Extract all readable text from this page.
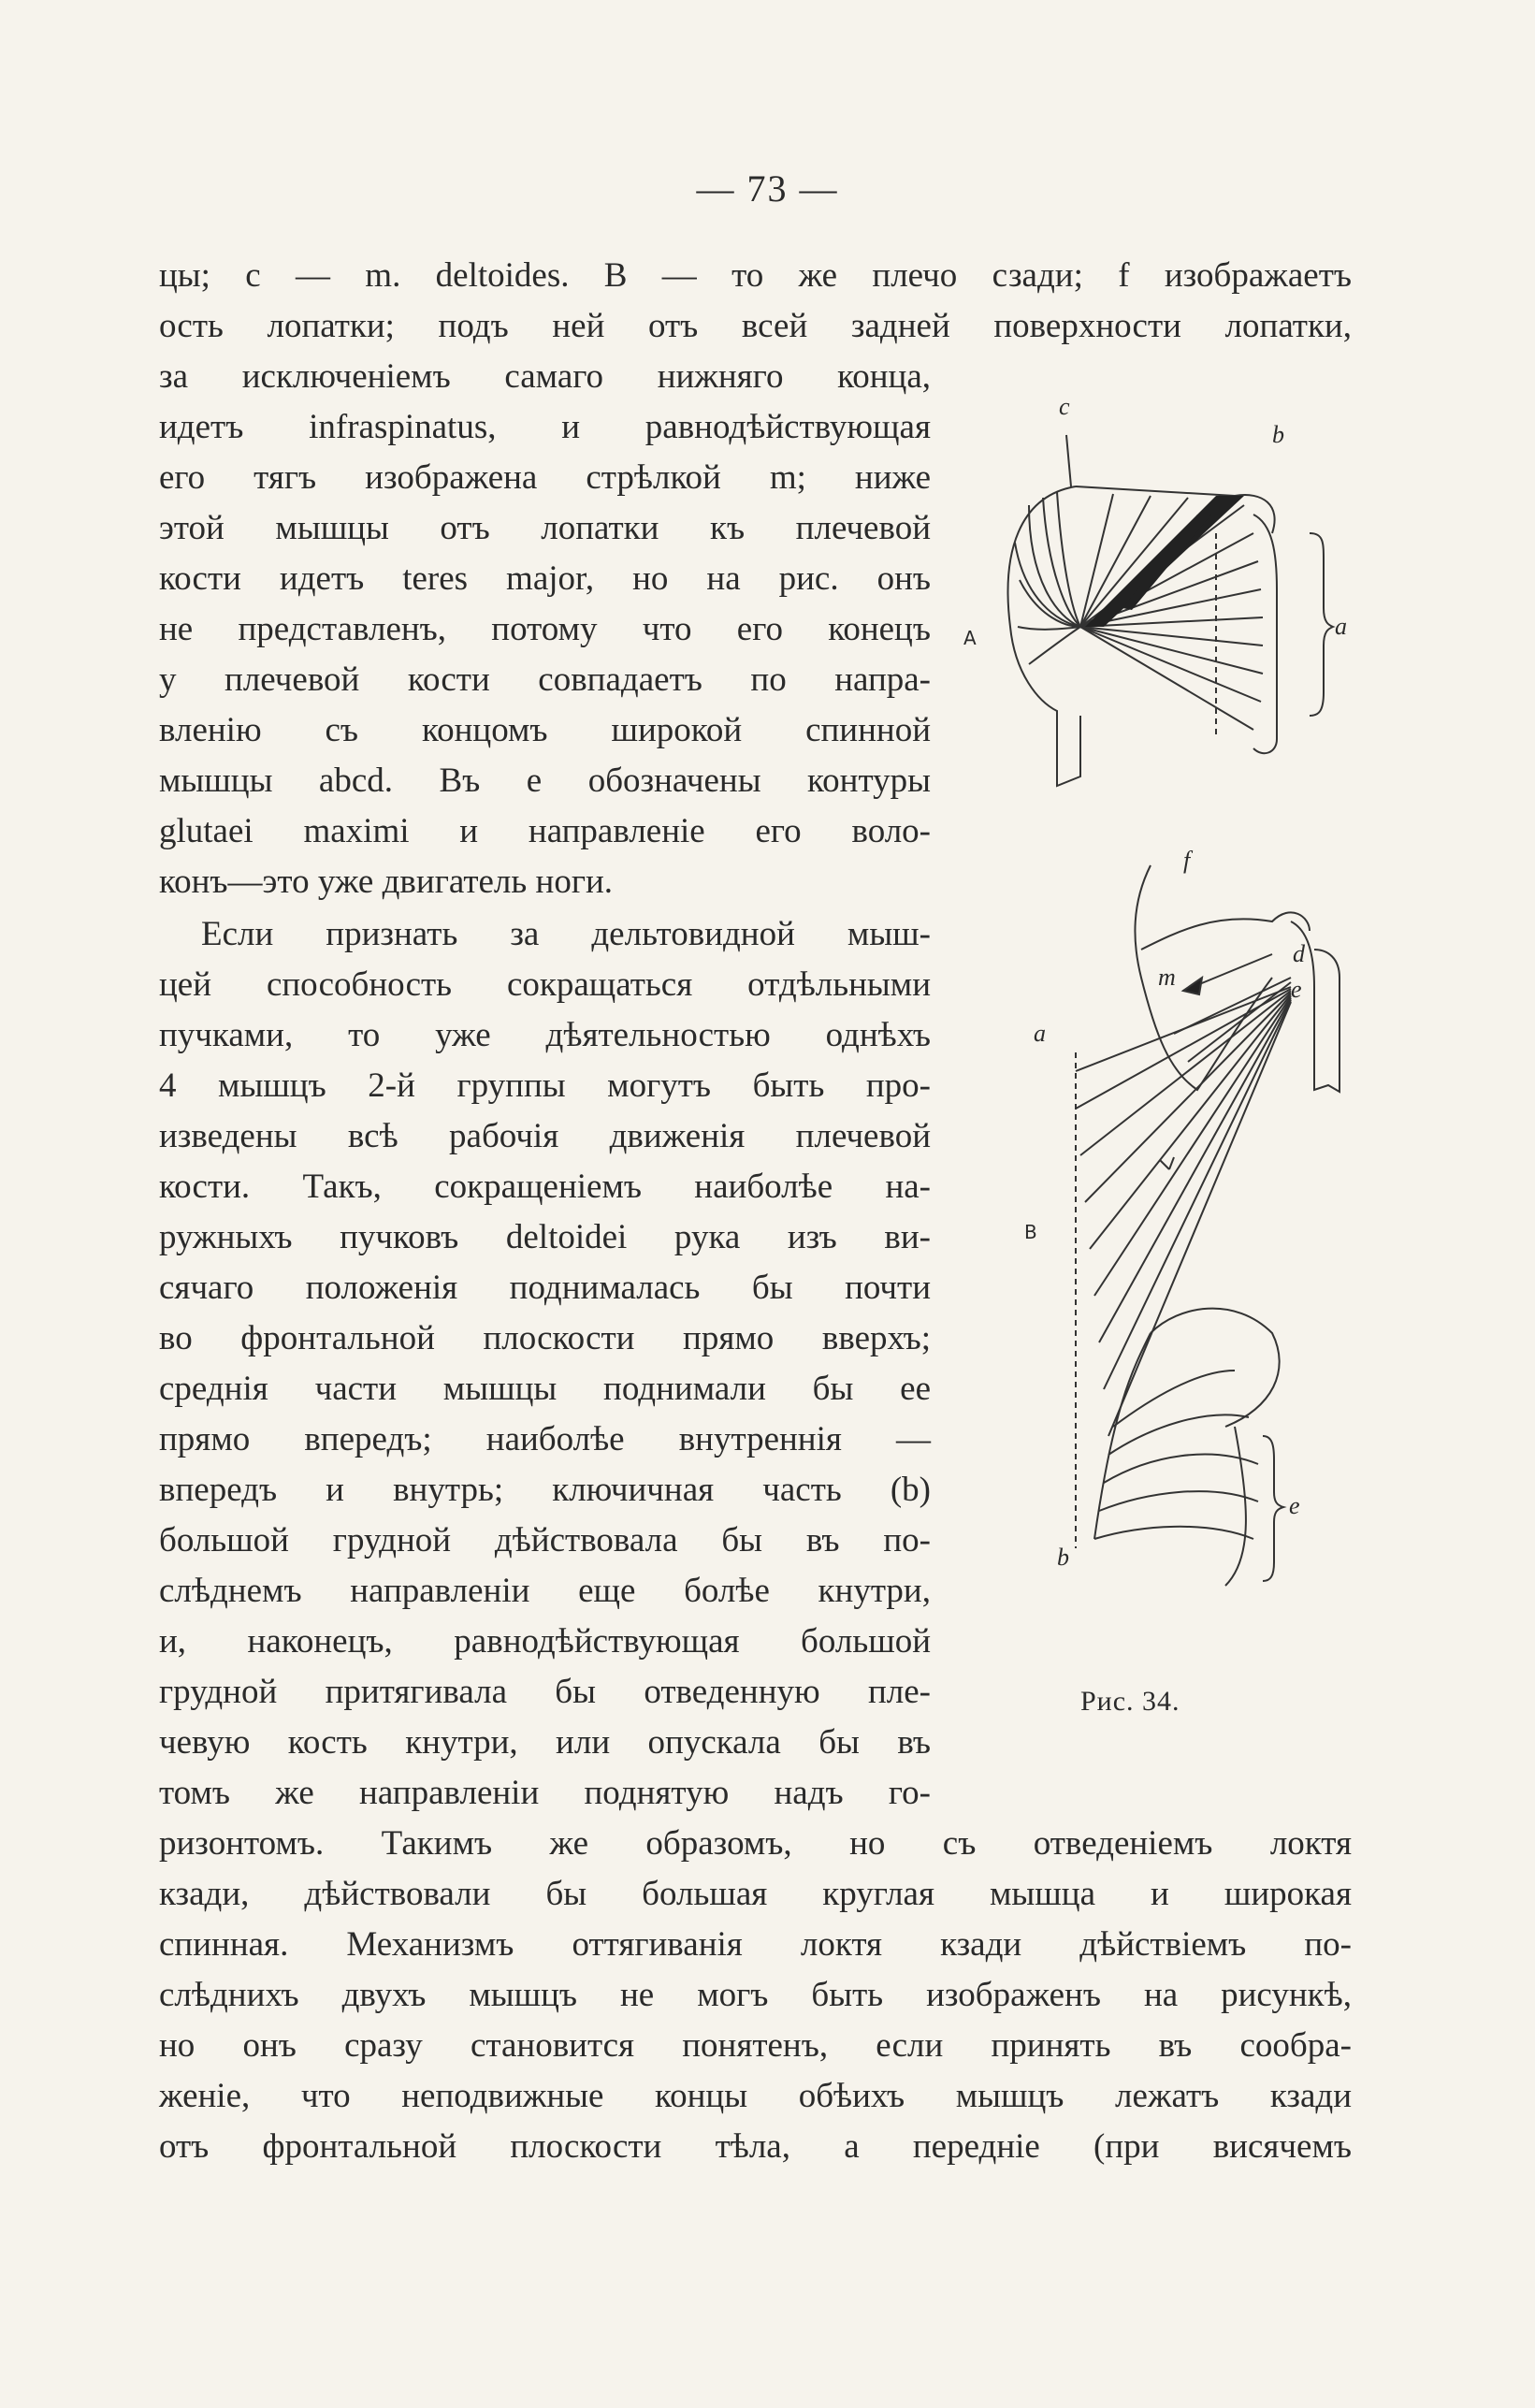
— 73 —
цы; c — m. deltoides. B — то же плечо сзади; f изображаетъ
ость лопатки; подъ ней отъ всей задней поверхности лопатки,
за исключеніемъ самаго нижняго конца,
идетъ infraspinatus, и равнодѣйствующая
его тягъ изображена стрѣлкой m; ниже
этой мышцы отъ лопатки къ плечевой
кости идетъ teres major, но на рис. онъ
не представленъ, потому что его конецъ
у плечевой кости совпадаетъ по напра-
вленію съ концомъ широкой спинной
мышцы abcd. Въ e обозначены контуры
glutaei maximi и направленіе его воло-
конъ—это уже двигатель ноги.
Если признать за дельтовидной мыш-
цей способность сокращаться отдѣльными
пучками, то уже дѣятельностью однѣхъ
4 мышцъ 2-й группы могутъ быть про-
изведены всѣ рабочія движенія плечевой
кости. Такъ, сокращеніемъ наиболѣе на-
ружныхъ пучковъ deltoidei рука изъ ви-
сячаго положенія поднималась бы почти
во фронтальной плоскости прямо вверхъ;
среднія части мышцы поднимали бы ее
прямо впередъ; наиболѣе внутреннія —
впередъ и внутрь; ключичная часть (b)
большой грудной дѣйствовала бы въ по-
слѣднемъ направленіи еще болѣе кнутри,
и, наконецъ, равнодѣйствующая большой
грудной притягивала бы отведенную пле-
чевую кость кнутри, или опускала бы въ
томъ же направленіи поднятую надъ го-
ризонтомъ. Такимъ же образомъ, но съ отведеніемъ локтя
кзади, дѣйствовали бы большая круглая мышца и широкая
спинная. Механизмъ оттягиванія локтя кзади дѣйствіемъ по-
слѣднихъ двухъ мышцъ не могъ быть изображенъ на рисункѣ,
но онъ сразу становится понятенъ, если принять въ сообра-
женіе, что неподвижные концы обѣихъ мышцъ лежатъ кзади
отъ фронтальной плоскости тѣла, а передніе (при висячемъ
c
b
A	a
f
m
d
e
a
B
b
e
Рис. 34.
